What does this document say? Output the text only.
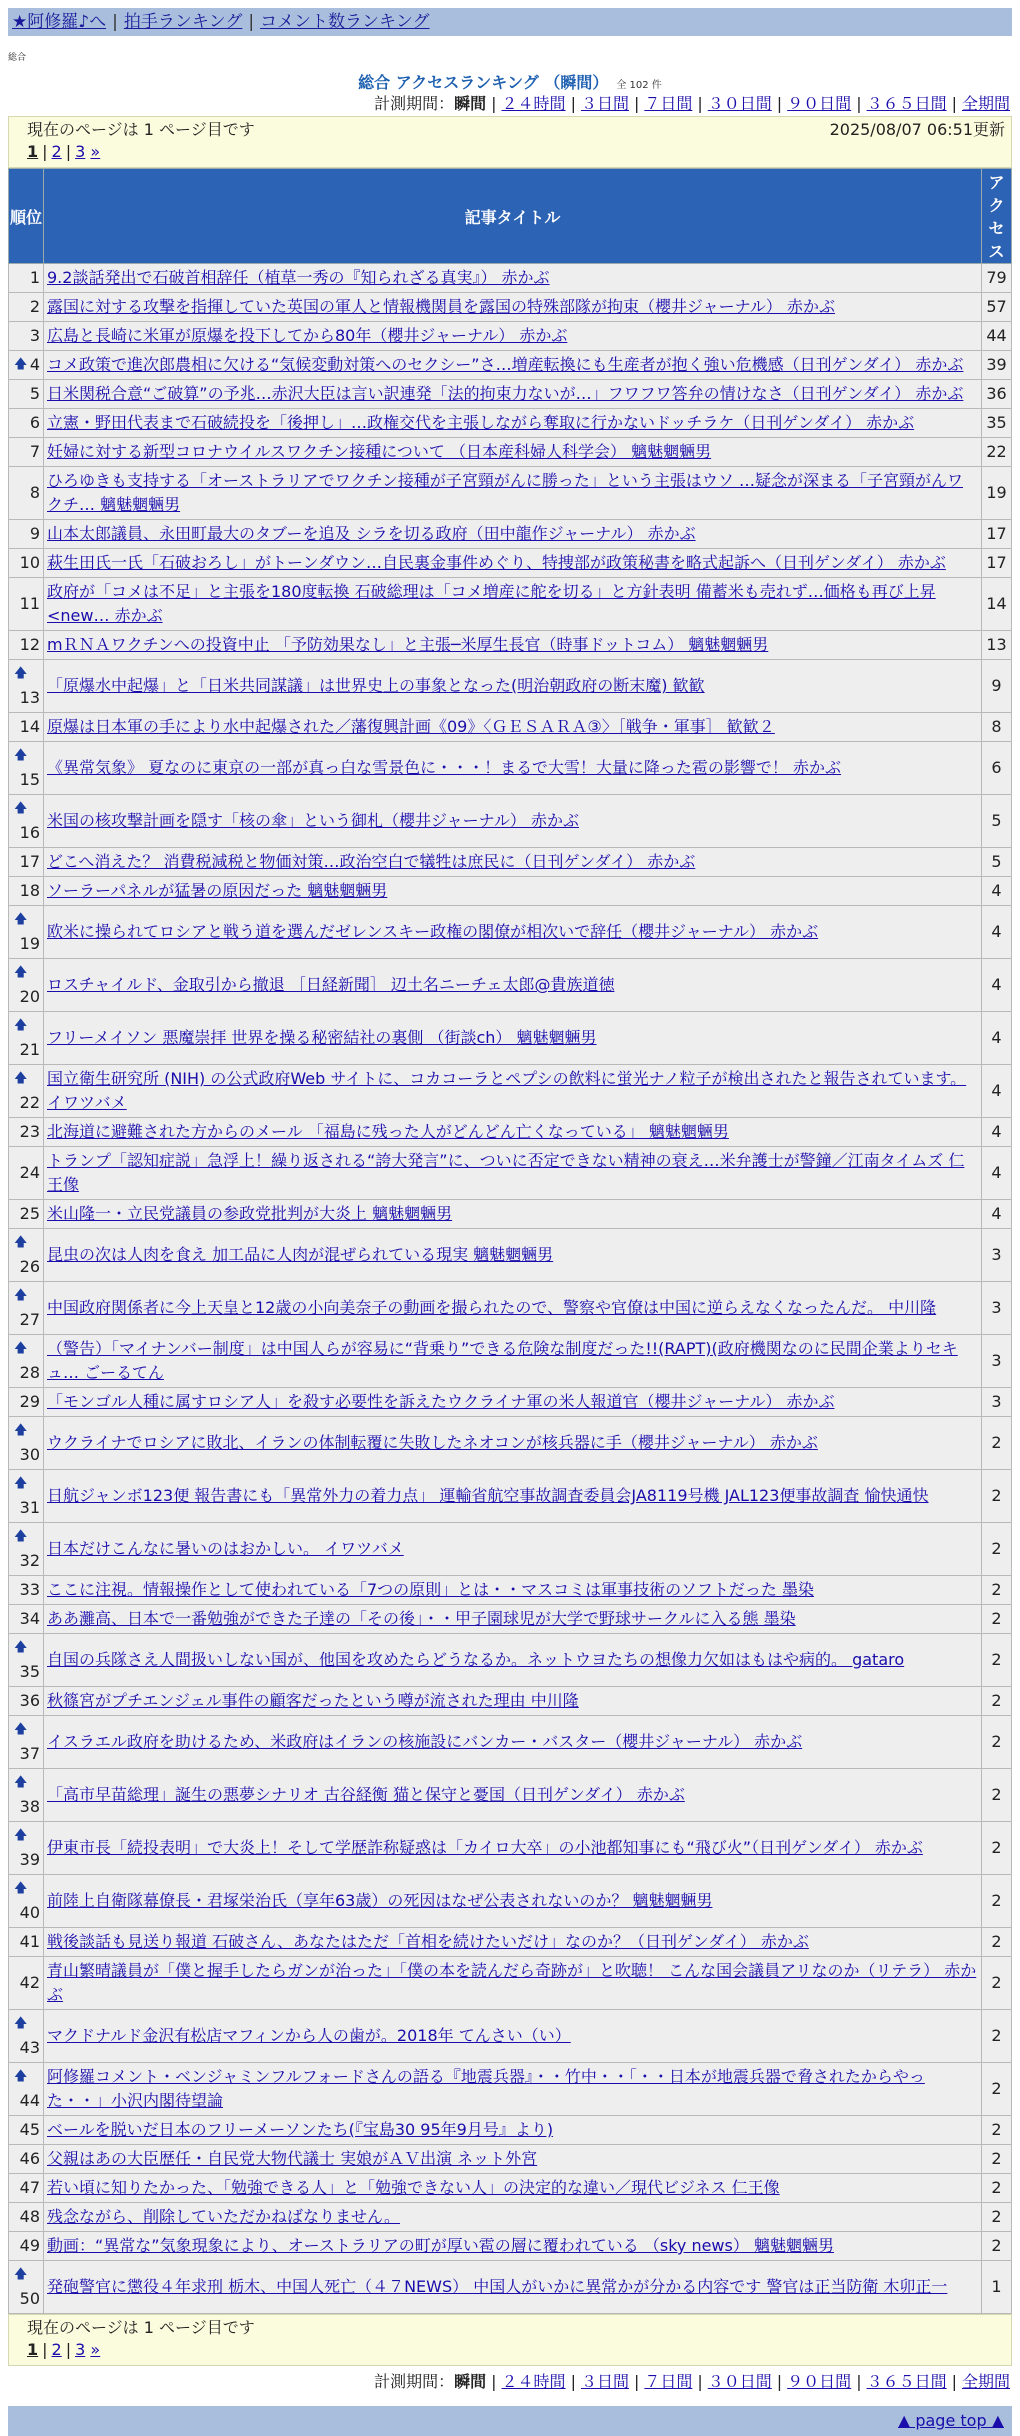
★阿修羅♪へ | 拍手ランキング | コメント数ランキング
総合
総合 アクセスランキング （瞬間） 全 102 件
計測期間：瞬間 | ２４時間 | ３日間 | ７日間 | ３０日間 | ９０日間 | ３６５日間 | 全期間
現在のページは 1 ページ目です	2025/08/07 06:51更新
1 | 2 | 3 »
順位	記事タイトル	アクセス
1	9.2談話発出で石破首相辞任（植草一秀の『知られざる真実』） 赤かぶ	79
2	露国に対する攻撃を指揮していた英国の軍人と情報機関員を露国の特殊部隊が拘束（櫻井ジャーナル） 赤かぶ	57
3	広島と長崎に米軍が原爆を投下してから80年（櫻井ジャーナル） 赤かぶ	44

🡅 4	コメ政策で進次郎農相に欠ける“気候変動対策へのセクシー”さ…増産転換にも生産者が抱く強い危機感（日刊ゲンダイ） 赤かぶ	39
5	日米関税合意“ご破算”の予兆…赤沢大臣は言い訳連発「法的拘束力ないが…」フワフワ答弁の情けなさ（日刊ゲンダイ） 赤かぶ	36
6	立憲・野田代表まで石破続投を「後押し」…政権交代を主張しながら奪取に行かないドッチラケ（日刊ゲンダイ） 赤かぶ	35
7	妊婦に対する新型コロナウイルスワクチン接種について （日本産科婦人科学会） 魑魅魍魎男	22
8	ひろゆきも支持する「オーストラリアでワクチン接種が子宮頸がんに勝った」という主張はウソ …疑念が深まる「子宮頸がんワクチ… 魑魅魍魎男	19
9	山本太郎議員、永田町最大のタブーを追及 シラを切る政府（田中龍作ジャーナル） 赤かぶ	17
10	萩生田氏一氏「石破おろし」がトーンダウン…自民裏金事件めぐり、特捜部が政策秘書を略式起訴へ（日刊ゲンダイ） 赤かぶ	17
11	政府が「コメは不足」と主張を180度転換 石破総理は「コメ増産に舵を切る」と方針表明 備蓄米も売れず…価格も再び上昇<new… 赤かぶ	14
12	mＲＮＡワクチンへの投資中止 「予防効果なし」と主張─米厚生長官（時事ドットコム） 魑魅魍魎男	13

🡅
13	「原爆水中起爆」と「日米共同謀議」は世界史上の事象となった(明治朝政府の断末魔) 歓歓	9
14	原爆は日本軍の手により水中起爆された／藩復興計画《09》〈ＧＥＳＡＲＡ③〉［戦争・軍事］ 歓歓２	8

🡅
15	《異常気象》 夏なのに東京の一部が真っ白な雪景色に・・・！まるで大雪！大量に降った雹の影響で！ 赤かぶ	6

🡅
16	米国の核攻撃計画を隠す「核の傘」という御札（櫻井ジャーナル） 赤かぶ	5
17	どこへ消えた？ 消費税減税と物価対策…政治空白で犠牲は庶民に（日刊ゲンダイ） 赤かぶ	5
18	ソーラーパネルが猛暑の原因だった 魑魅魍魎男	4

🡅
19	欧米に操られてロシアと戦う道を選んだゼレンスキー政権の閣僚が相次いで辞任（櫻井ジャーナル） 赤かぶ	4

🡅
20	ロスチャイルド、金取引から撤退 ［日経新聞］ 辺土名ニーチェ太郎@貴族道徳	4

🡅
21	フリーメイソン 悪魔崇拝 世界を操る秘密結社の裏側 （街談ch） 魑魅魍魎男	4

🡅
22	国立衛生研究所 (NIH) の公式政府Web サイトに、コカコーラとペプシの飲料に蛍光ナノ粒子が検出されたと報告されています。 イワツバメ	4
23	北海道に避難された方からのメール 「福島に残った人がどんどん亡くなっている」 魑魅魍魎男	4
24	トランプ「認知症説」急浮上！繰り返される“誇大発言”に、ついに否定できない精神の衰え…米弁護士が警鐘／江南タイムズ 仁王像	4
25	米山隆一・立民党議員の参政党批判が大炎上 魑魅魍魎男	4

🡅
26	昆虫の次は人肉を食え 加工品に人肉が混ぜられている現実 魑魅魍魎男	3

🡅
27	中国政府関係者に今上天皇と12歳の小向美奈子の動画を撮られたので、警察や官僚は中国に逆らえなくなったんだ。 中川隆	3

🡅
28	（警告）「マイナンバー制度」は中国人らが容易に“背乗り”できる危険な制度だった!!(RAPT)(政府機関なのに民間企業よりセキュ… ごーるてん	3
29	「モンゴル人種に属すロシア人」を殺す必要性を訴えたウクライナ軍の米人報道官（櫻井ジャーナル） 赤かぶ	3

🡅
30	ウクライナでロシアに敗北、イランの体制転覆に失敗したネオコンが核兵器に手（櫻井ジャーナル） 赤かぶ	2

🡅
31	日航ジャンボ123便 報告書にも「異常外力の着力点」 運輸省航空事故調査委員会JA8119号機 JAL123便事故調査 愉快通快	2

🡅
32	日本だけこんなに暑いのはおかしい。 イワツバメ	2
33	ここに注視。情報操作として使われている「7つの原則」とは・・マスコミは軍事技術のソフトだった 墨染	2
34	ああ灘高、日本で一番勉強ができた子達の「その後」・・甲子園球児が大学で野球サークルに入る態 墨染	2

🡅
35	自国の兵隊さえ人間扱いしない国が、他国を攻めたらどうなるか。ネットウヨたちの想像力欠如はもはや病的。 gataro	2
36	秋篠宮がプチエンジェル事件の顧客だったという噂が流された理由 中川隆	2

🡅
37	イスラエル政府を助けるため、米政府はイランの核施設にバンカー・バスター（櫻井ジャーナル） 赤かぶ	2

🡅
38	「高市早苗総理」誕生の悪夢シナリオ 古谷経衡 猫と保守と憂国（日刊ゲンダイ） 赤かぶ	2

🡅
39	伊東市長「続投表明」で大炎上！そして学歴詐称疑惑は「カイロ大卒」の小池都知事にも“飛び火”（日刊ゲンダイ） 赤かぶ	2

🡅
40	前陸上自衛隊幕僚長・君塚栄治氏（享年63歳）の死因はなぜ公表されないのか？ 魑魅魍魎男	2
41	戦後談話も見送り報道 石破さん、あなたはただ「首相を続けたいだけ」なのか？（日刊ゲンダイ） 赤かぶ	2
42	青山繁晴議員が「僕と握手したらガンが治った」「僕の本を読んだら奇跡が」と吹聴！ こんな国会議員アリなのか（リテラ） 赤かぶ	2

🡅
43	マクドナルド金沢有松店マフィンから人の歯が。2018年 てんさい（い）	2

🡅
44	阿修羅コメント・ベンジャミンフルフォードさんの語る『地震兵器』・・竹中・・「・・日本が地震兵器で脅されたからやった・・」小沢内閣待望論	2
45	ベールを脱いだ日本のフリーメーソンたち(『宝島30 95年9月号』より)	2
46	父親はあの大臣歴任・自民党大物代議士 実娘がＡＶ出演 ネット外宮	2
47	若い頃に知りたかった、「勉強できる人」と「勉強できない人」の決定的な違い／現代ビジネス 仁王像	2
48	残念ながら、削除していただかねばなりません。	2
49	動画：“異常な”気象現象により、オーストラリアの町が厚い雹の層に覆われている （sky news） 魑魅魍魎男	2

🡅
50	発砲警官に懲役４年求刑 栃木、中国人死亡（４７NEWS） 中国人がいかに異常かが分かる内容です 警官は正当防衛 木卯正一	1
現在のページは 1 ページ目です
1 | 2 | 3 »
計測期間：瞬間 | ２４時間 | ３日間 | ７日間 | ３０日間 | ９０日間 | ３６５日間 | 全期間
▲ page top ▲
